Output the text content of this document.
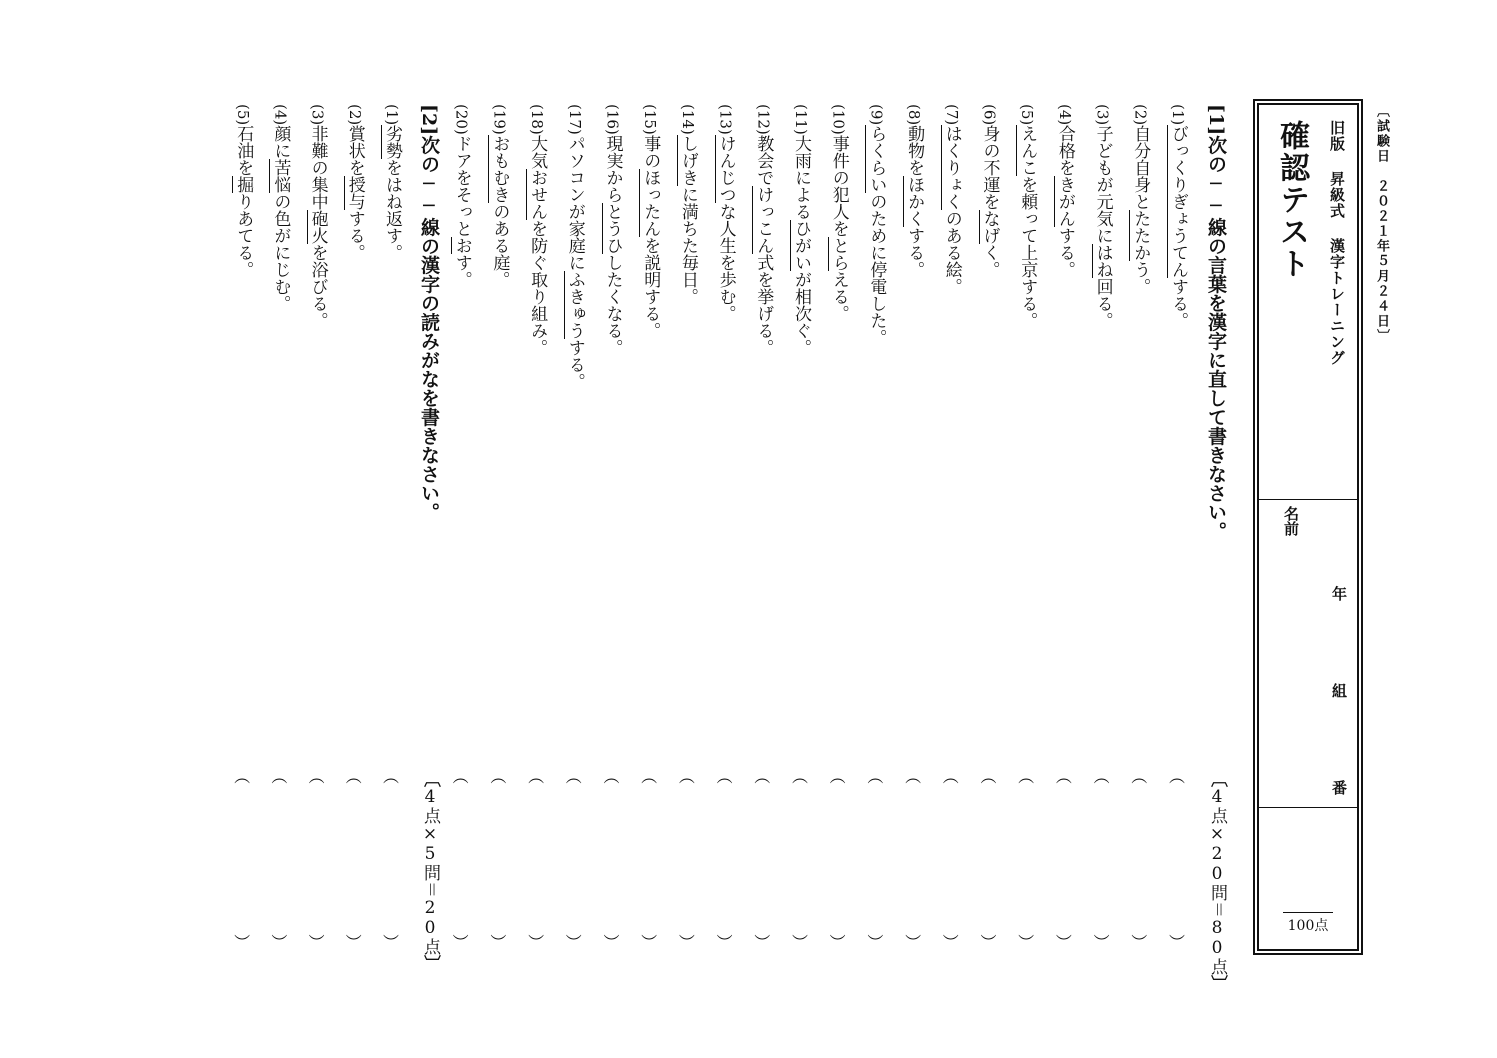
〔試験日　２０２１年５月２４日〕
旧版 昇級式 漢字トレーニング
確認テスト
名前
年
組
番
100点
[1]次の──線の言葉を漢字に直して書きなさい。
〔4点×20問＝80点〕
(1)びっくりぎょうてんする。
︵
︶
(2)自分自身とたたかう。
︵
︶
(3)子どもが元気にはね回る。
︵
︶
(4)合格をきがんする。
︵
︶
(5)えんこを頼って上京する。
︵
︶
(6)身の不運をなげく。
︵
︶
(7)はくりょくのある絵。
︵
︶
(8)動物をほかくする。
︵
︶
(9)らくらいのために停電した。
︵
︶
(10)事件の犯人をとらえる。
︵
︶
(11)大雨によるひがいが相次ぐ。
︵
︶
(12)教会でけっこん式を挙げる。
︵
︶
(13)けんじつな人生を歩む。
︵
︶
(14)しげきに満ちた毎日。
︵
︶
(15)事のほったんを説明する。
︵
︶
(16)現実からとうひしたくなる。
︵
︶
(17)パソコンが家庭にふきゅうする。
︵
︶
(18)大気おせんを防ぐ取り組み。
︵
︶
(19)おもむきのある庭。
︵
︶
(20)ドアをそっとおす。
︵
︶
[2]次の──線の漢字の読みがなを書きなさい。
〔4点×5問＝20点〕
(1)劣勢をはね返す。
︵
︶
(2)賞状を授与する。
︵
︶
(3)非難の集中砲火を浴びる。
︵
︶
(4)顔に苦悩の色がにじむ。
︵
︶
(5)石油を掘りあてる。
︵
︶
